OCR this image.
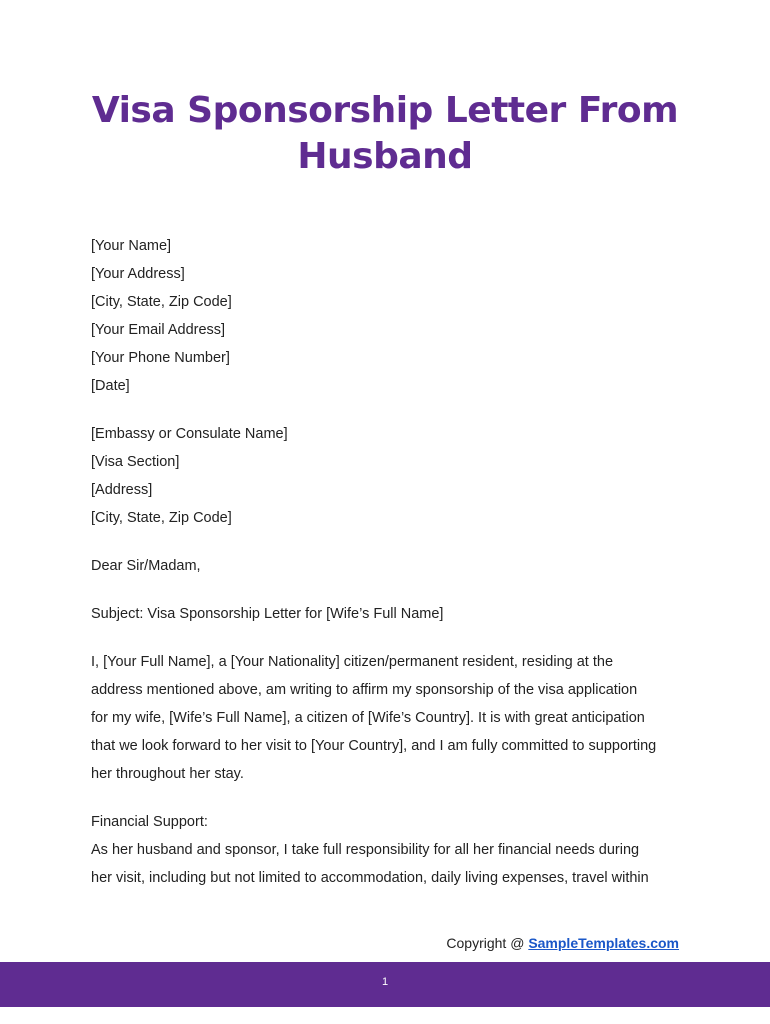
Visa Sponsorship Letter From
Husband
[Your Name]
[Your Address]
[City, State, Zip Code]
[Your Email Address]
[Your Phone Number]
[Date]
[Embassy or Consulate Name]
[Visa Section]
[Address]
[City, State, Zip Code]
Dear Sir/Madam,
Subject: Visa Sponsorship Letter for [Wife’s Full Name]
I, [Your Full Name], a [Your Nationality] citizen/permanent resident, residing at the
address mentioned above, am writing to affirm my sponsorship of the visa application
for my wife, [Wife’s Full Name], a citizen of [Wife’s Country]. It is with great anticipation
that we look forward to her visit to [Your Country], and I am fully committed to supporting
her throughout her stay.
Financial Support:
As her husband and sponsor, I take full responsibility for all her financial needs during
her visit, including but not limited to accommodation, daily living expenses, travel within
Copyright @ SampleTemplates.com
1
